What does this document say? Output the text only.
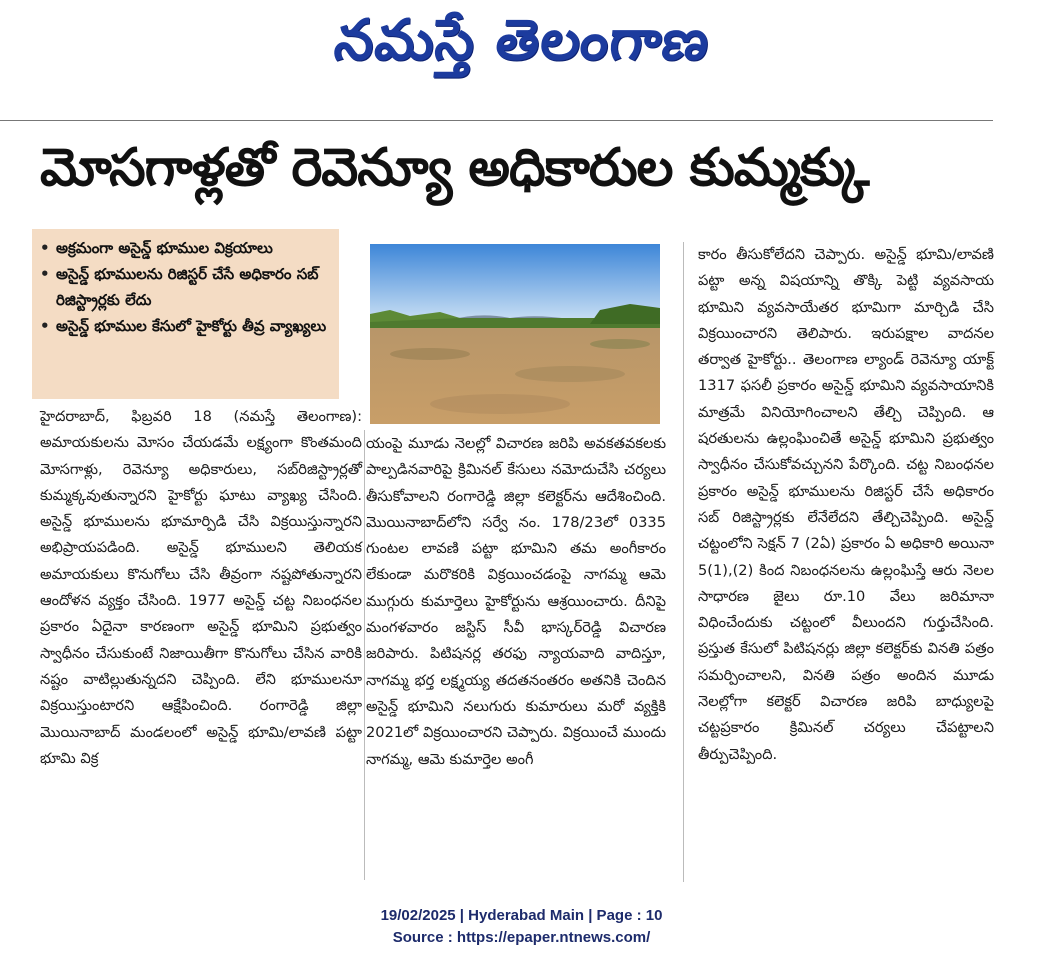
నమస్తే తెలంగాణ
మోసగాళ్లతో రెవెన్యూ అధికారుల కుమ్మక్కు
• అక్రమంగా అసైన్డ్ భూముల విక్రయాలు
• అసైన్డ్ భూములను రిజిస్టర్ చేసే అధికారం సబ్ రిజిస్ట్రార్లకు లేదు
• అసైన్డ్ భూముల కేసులో హైకోర్టు తీవ్ర వ్యాఖ్యలు
హైదరాబాద్, ఫిబ్రవరి 18 (నమస్తే తెలంగాణ): అమాయకులను మోసం చేయడమే లక్ష్యంగా కొంతమంది మోసగాళ్లు, రెవెన్యూ అధికారులు, సబ్‌రిజిస్ట్రార్లతో కుమ్మక్కవుతున్నారని హైకోర్టు ఘాటు వ్యాఖ్య చేసింది. అసైన్డ్ భూములను భూమార్పిడి చేసి విక్రయిస్తున్నారని అభిప్రాయపడింది. అసైన్డ్ భూములని తెలియక అమాయకులు కొనుగోలు చేసి తీవ్రంగా నష్టపోతున్నారని ఆందోళన వ్యక్తం చేసింది. 1977 అసైన్డ్ చట్ట నిబంధనల ప్రకారం ఏదైనా కారణంగా అసైన్డ్ భూమిని ప్రభుత్వం స్వాధీనం చేసుకుంటే నిజాయితీగా కొనుగోలు చేసిన వారికి నష్టం వాటిల్లుతున్నదని చెప్పింది. లేని భూములనూ విక్రయిస్తుంటారని ఆక్షేపించింది. రంగారెడ్డి జిల్లా మొయినాబాద్ మండలంలో అసైన్డ్ భూమి/లావణి పట్టా భూమి విక్ర
యంపై మూడు నెలల్లో విచారణ జరిపి అవకతవకలకు పాల్పడినవారిపై క్రిమినల్ కేసులు నమోదుచేసి చర్యలు తీసుకోవాలని రంగారెడ్డి జిల్లా కలెక్టర్‌ను ఆదేశించింది. మొయినాబాద్‌లోని సర్వే నం. 178/23లో 0335 గుంటల లావణి పట్టా భూమిని తమ అంగీకారం లేకుండా మరొకరికి విక్రయించడంపై నాగమ్మ ఆమె ముగ్గురు కుమార్తెలు హైకోర్టును ఆశ్రయించారు. దీనిపై మంగళవారం జస్టిస్ సీవీ భాస్కర్‌రెడ్డి విచారణ జరిపారు. పిటిషనర్ల తరఫు న్యాయవాది వాదిస్తూ, నాగమ్మ భర్త లక్ష్మయ్య తదతనంతరం అతనికి చెందిన అసైన్డ్ భూమిని నలుగురు కుమారులు మరో వ్యక్తికి 2021లో విక్రయించారని చెప్పారు. విక్రయించే ముందు నాగమ్మ, ఆమె కుమార్తెల అంగీ
కారం తీసుకోలేదని చెప్పారు. అసైన్డ్ భూమి/లావణి పట్టా అన్న విషయాన్ని తొక్కి పెట్టి వ్యవసాయ భూమిని వ్యవసాయేతర భూమిగా మార్చిడి చేసి విక్రయించారని తెలిపారు. ఇరుపక్షాల వాదనల తర్వాత హైకోర్టు.. తెలంగాణ ల్యాండ్ రెవెన్యూ యాక్ట్ 1317 ఫసలీ ప్రకారం అసైన్డ్ భూమిని వ్యవసాయానికి మాత్రమే వినియోగించాలని తేల్చి చెప్పింది. ఆ షరతులను ఉల్లంఘించితే అసైన్డ్ భూమిని ప్రభుత్వం స్వాధీనం చేసుకోవచ్చునని పేర్కొంది. చట్ట నిబంధనల ప్రకారం అసైన్డ్ భూములను రిజిస్టర్ చేసే అధికారం సబ్ రిజిస్ట్రార్లకు లేనేలేదని తేల్చిచెప్పింది. అసైన్డ్ చట్టంలోని సెక్షన్ 7 (2ఏ) ప్రకారం ఏ అధికారి అయినా 5(1),(2) కింద నిబంధనలను ఉల్లంఘిస్తే ఆరు నెలల సాధారణ జైలు రూ.10 వేలు జరిమానా విధించేందుకు చట్టంలో వీలుందని గుర్తుచేసింది. ప్రస్తుత కేసులో పిటిషనర్లు జిల్లా కలెక్టర్‌కు వినతి పత్రం సమర్పించాలని, వినతి పత్రం అందిన మూడు నెలల్లోగా కలెక్టర్ విచారణ జరిపి బాధ్యులపై చట్టప్రకారం క్రిమినల్ చర్యలు చేపట్టాలని తీర్పుచెప్పింది.
19/02/2025 | Hyderabad Main | Page : 10
Source : https://epaper.ntnews.com/
